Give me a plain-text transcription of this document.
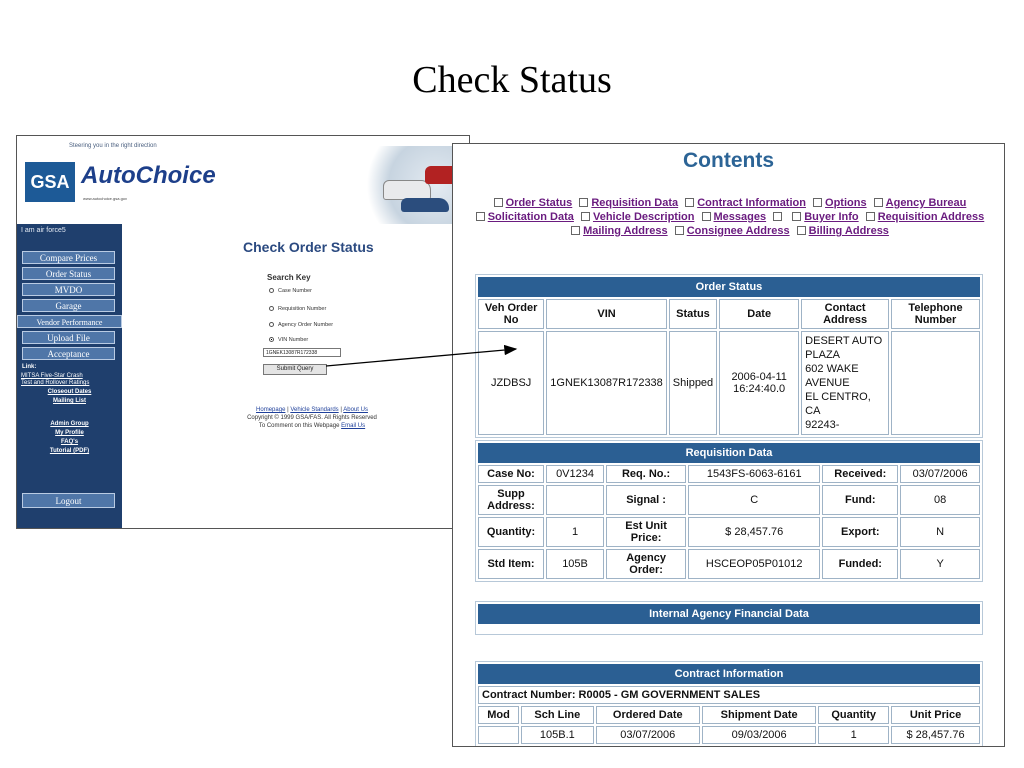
Check Status
Steering you in the right direction
GSA AutoChoice
www.autochoice.gsa.gov
I am air force5
Compare Prices
Order Status
MVDO
Garage
Vendor Performance
Upload File
Acceptance
Link:
MITSA Five-Star Crash
Test and Rollover Ratings
Closeout Dates
Mailing List
Admin Group
My Profile
FAQ's
Tutorial (PDF)
Logout
Check Order Status
Search Key
Case Number
Requisition Number
Agency Order Number
VIN Number
1GNEK13087R172338
Submit Query
Homepage | Vehicle Standards | About Us
Copyright © 1999 GSA/FAS. All Rights Reserved
To Comment on this Webpage Email Us
Contents
Order Status Requisition Data Contract Information Options Agency Bureau Solicitation Data Vehicle Description Messages	Buyer Info Requisition Address Mailing Address Consignee Address Billing Address
Order Status					
Veh Order No	VIN	Status	Date	Contact Address	Telephone Number
JZDBSJ	1GNEK13087R172338	Shipped	2006-04-11 16:24:40.0	DESERT AUTO
PLAZA
602 WAKE AVENUE
EL CENTRO, CA
92243-	

Requisition Data					
Case No:	0V1234	Req. No.:	1543FS-6063-6161	Received:	03/07/2006
Supp Address:		Signal :	C	Fund:	08
Quantity:	1	Est Unit Price:	$ 28,457.76	Export:	N
Std Item:	105B	Agency Order:	HSCEOP05P01012	Funded:	Y
Internal Agency Financial Data

Contract Information					
Contract Number: R0005 - GM GOVERNMENT SALES					
Mod	Sch Line	Ordered Date	Shipment Date	Quantity	Unit Price
	105B.1	03/07/2006	09/03/2006	1	$ 28,457.76
